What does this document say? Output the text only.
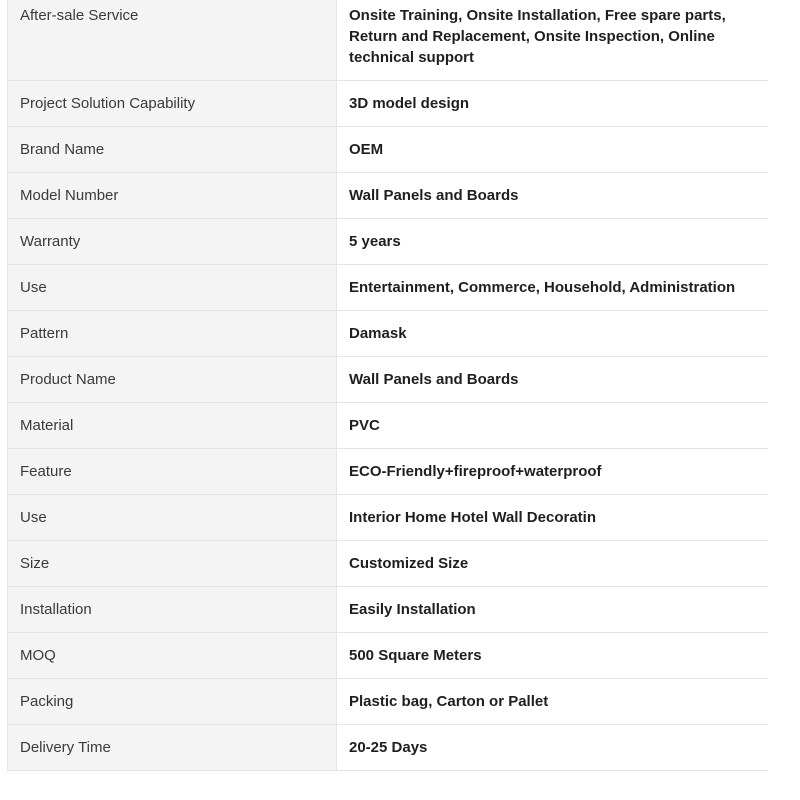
After-sale Service	Onsite Training, Onsite Installation, Free spare parts, Return and Replacement, Onsite Inspection, Online technical support
Project Solution Capability	3D model design
Brand Name	OEM
Model Number	Wall Panels and Boards
Warranty	5 years
Use	Entertainment, Commerce, Household, Administration
Pattern	Damask
Product Name	Wall Panels and Boards
Material	PVC
Feature	ECO-Friendly+fireproof+waterproof
Use	Interior Home Hotel Wall Decoratin
Size	Customized Size
Installation	Easily Installation
MOQ	500 Square Meters
Packing	Plastic bag, Carton or Pallet
Delivery Time	20-25 Days
